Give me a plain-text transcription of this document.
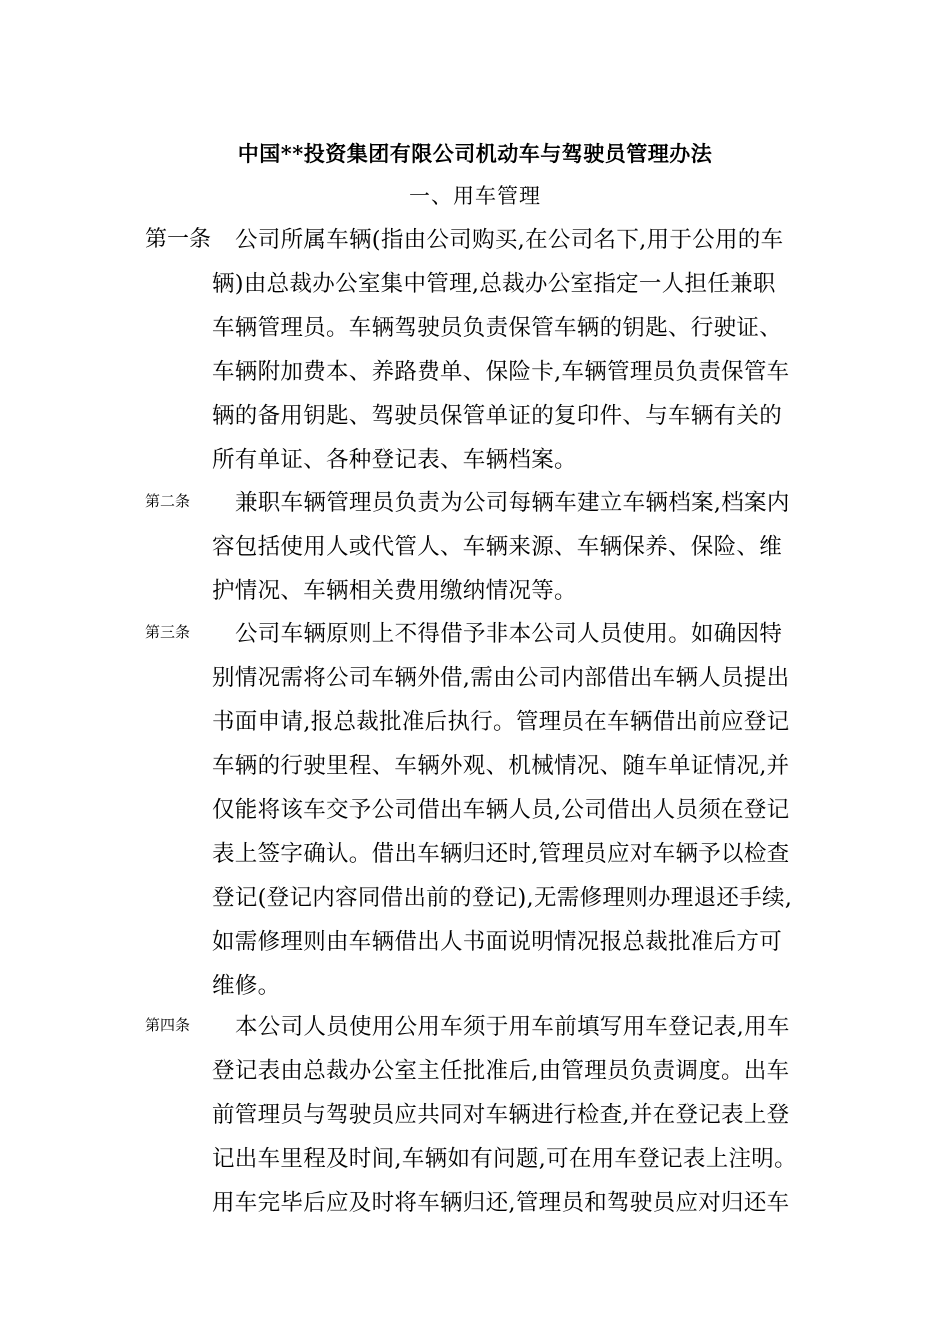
中国**投资集团有限公司机动车与驾驶员管理办法
一、用车管理
第一条 公司所属车辆(指由公司购买,在公司名下,用于公用的车
辆)由总裁办公室集中管理,总裁办公室指定一人担任兼职
车辆管理员。车辆驾驶员负责保管车辆的钥匙、行驶证、
车辆附加费本、养路费单、保险卡,车辆管理员负责保管车
辆的备用钥匙、驾驶员保管单证的复印件、与车辆有关的
所有单证、各种登记表、车辆档案。
第二条 兼职车辆管理员负责为公司每辆车建立车辆档案,档案内
容包括使用人或代管人、车辆来源、车辆保养、保险、维
护情况、车辆相关费用缴纳情况等。
第三条 公司车辆原则上不得借予非本公司人员使用。如确因特
别情况需将公司车辆外借,需由公司内部借出车辆人员提出
书面申请,报总裁批准后执行。管理员在车辆借出前应登记
车辆的行驶里程、车辆外观、机械情况、随车单证情况,并
仅能将该车交予公司借出车辆人员,公司借出人员须在登记
表上签字确认。借出车辆归还时,管理员应对车辆予以检查
登记(登记内容同借出前的登记),无需修理则办理退还手续,
如需修理则由车辆借出人书面说明情况报总裁批准后方可
维修。
第四条 本公司人员使用公用车须于用车前填写用车登记表,用车
登记表由总裁办公室主任批准后,由管理员负责调度。出车
前管理员与驾驶员应共同对车辆进行检查,并在登记表上登
记出车里程及时间,车辆如有问题,可在用车登记表上注明。
用车完毕后应及时将车辆归还,管理员和驾驶员应对归还车
